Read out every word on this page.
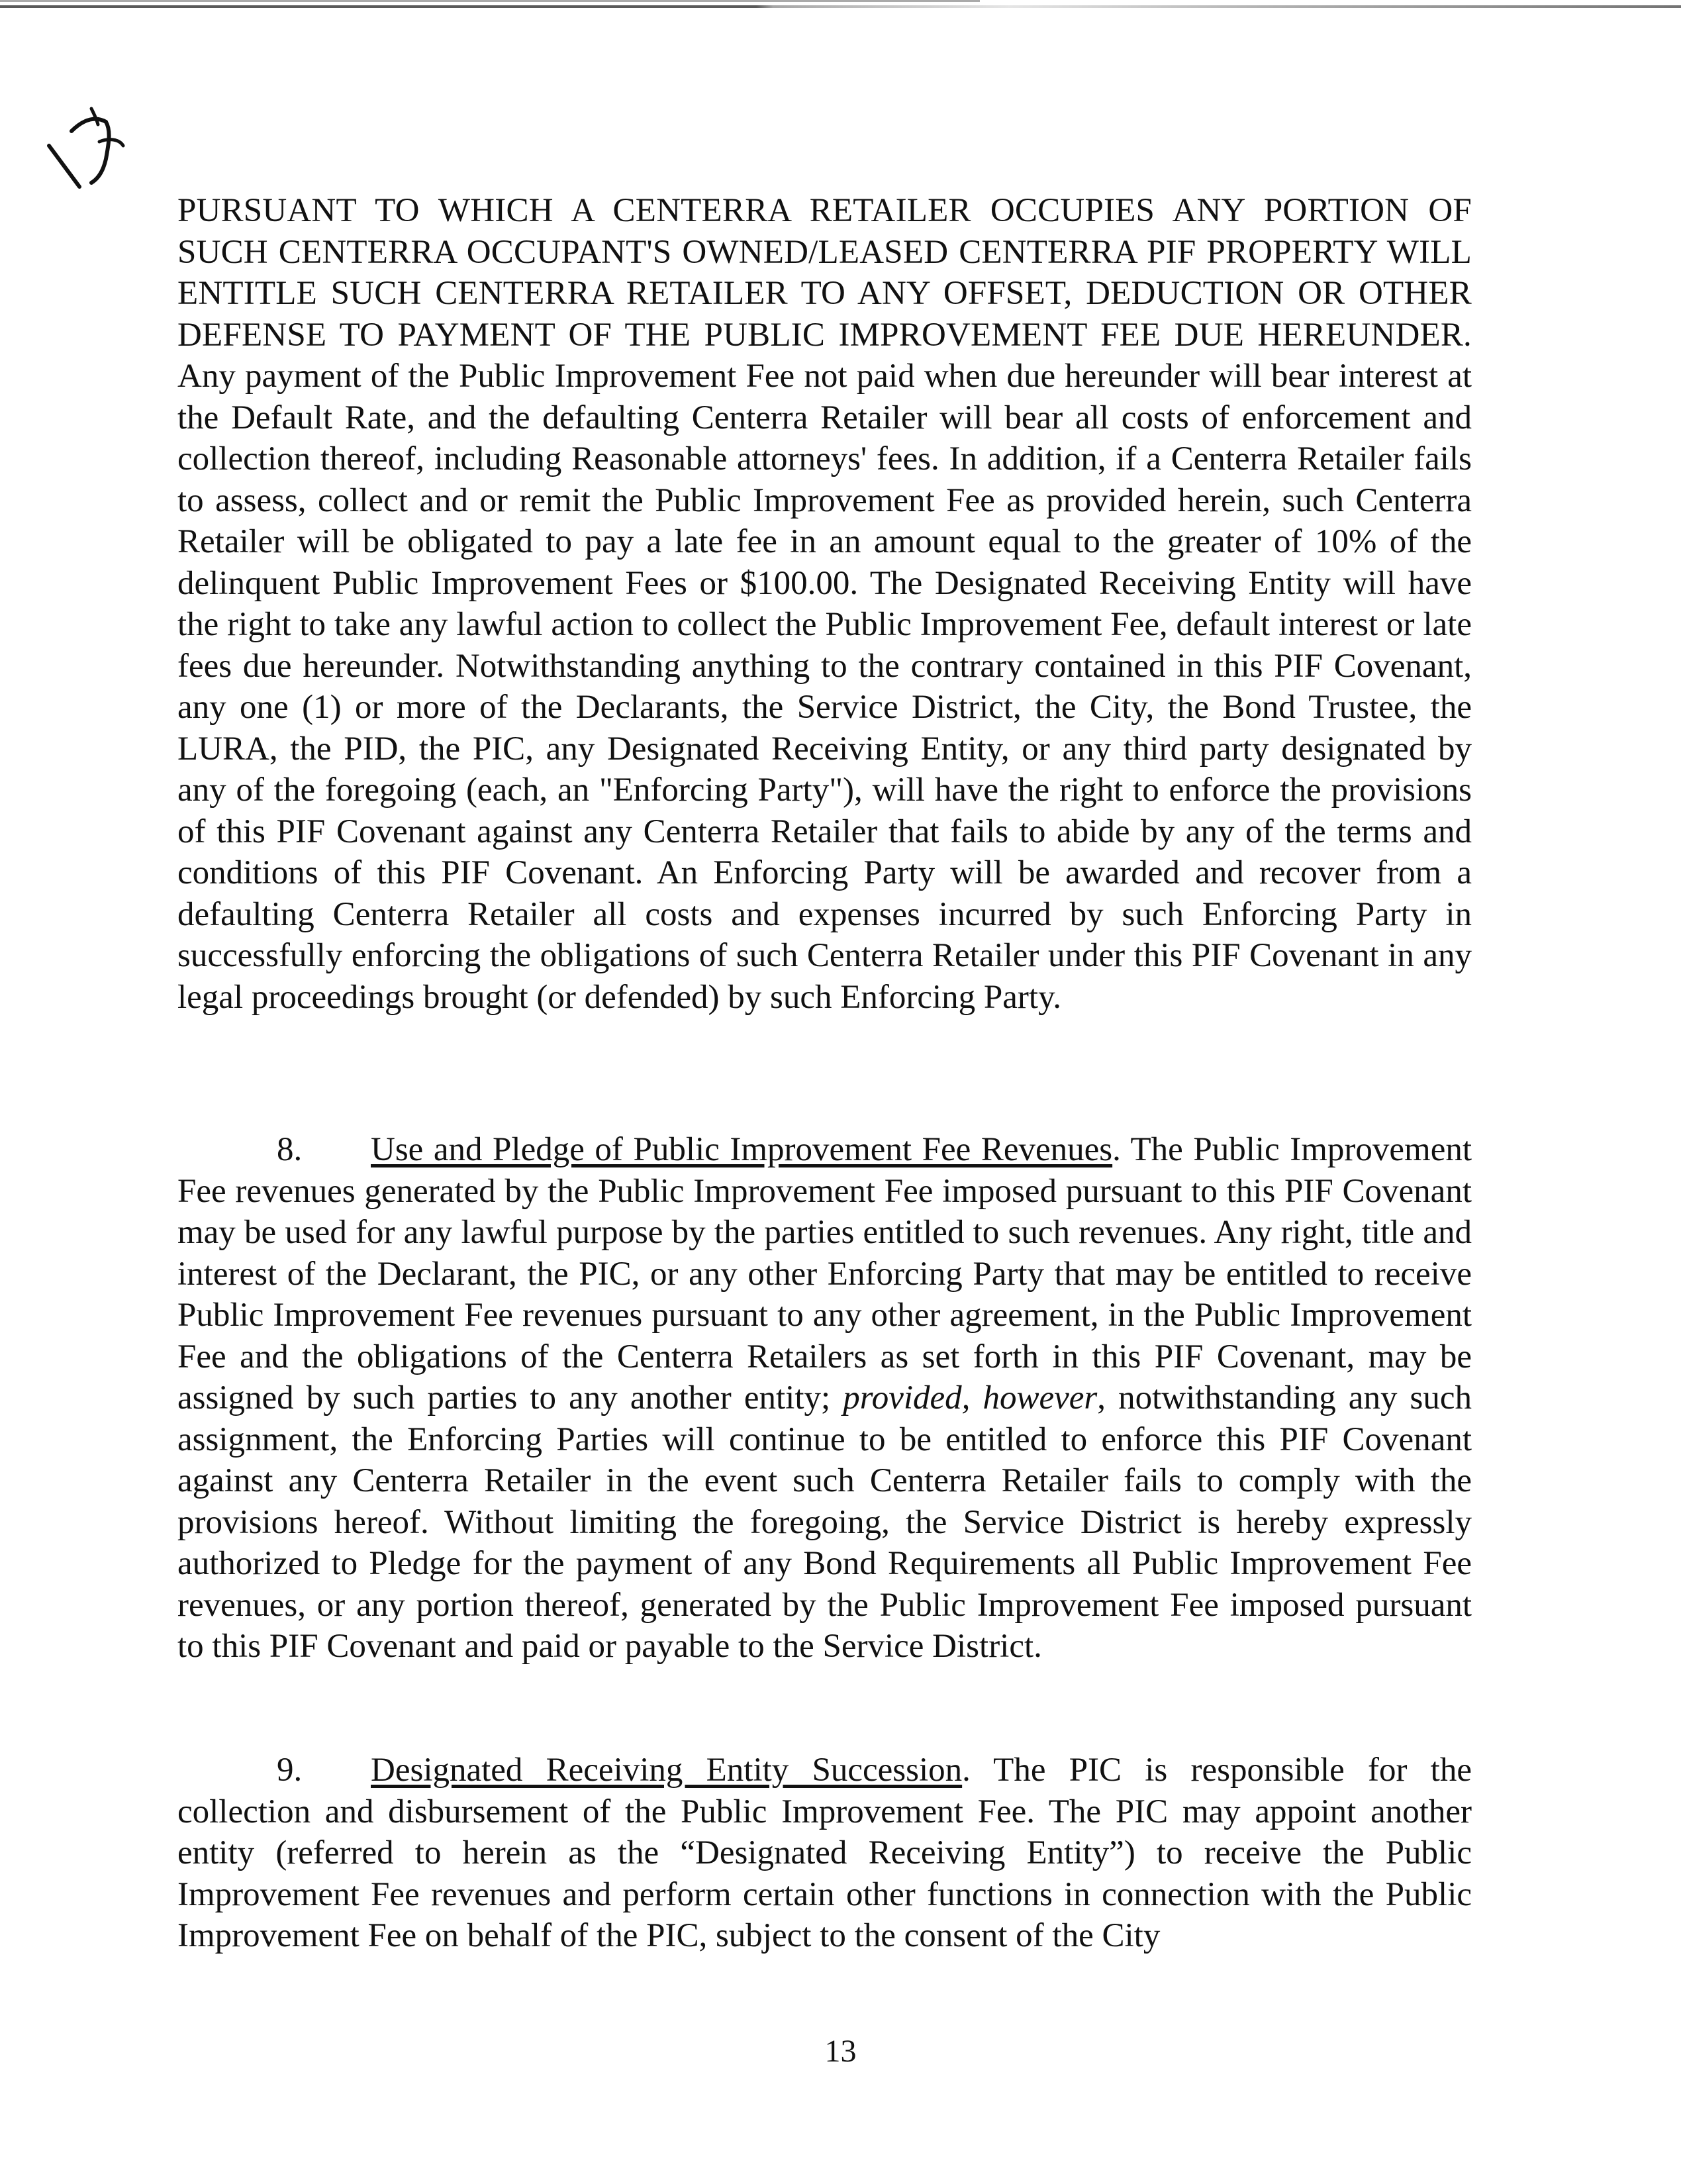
PURSUANT TO WHICH A CENTERRA RETAILER OCCUPIES ANY PORTION OF SUCH CENTERRA OCCUPANT'S OWNED/LEASED CENTERRA PIF PROPERTY WILL ENTITLE SUCH CENTERRA RETAILER TO ANY OFFSET, DEDUCTION OR OTHER DEFENSE TO PAYMENT OF THE PUBLIC IMPROVEMENT FEE DUE HEREUNDER. Any payment of the Public Improvement Fee not paid when due hereunder will bear interest at the Default Rate, and the defaulting Centerra Retailer will bear all costs of enforcement and collection thereof, including Reasonable attorneys' fees. In addition, if a Centerra Retailer fails to assess, collect and or remit the Public Improvement Fee as provided herein, such Centerra Retailer will be obligated to pay a late fee in an amount equal to the greater of 10% of the delinquent Public Improvement Fees or $100.00. The Designated Receiving Entity will have the right to take any lawful action to collect the Public Improvement Fee, default interest or late fees due hereunder. Notwithstanding anything to the contrary contained in this PIF Covenant, any one (1) or more of the Declarants, the Service District, the City, the Bond Trustee, the LURA, the PID, the PIC, any Designated Receiving Entity, or any third party designated by any of the foregoing (each, an "Enforcing Party"), will have the right to enforce the provisions of this PIF Covenant against any Centerra Retailer that fails to abide by any of the terms and conditions of this PIF Covenant. An Enforcing Party will be awarded and recover from a defaulting Centerra Retailer all costs and expenses incurred by such Enforcing Party in successfully enforcing the obligations of such Centerra Retailer under this PIF Covenant in any legal proceedings brought (or defended) by such Enforcing Party.

8. Use and Pledge of Public Improvement Fee Revenues. The Public Improvement Fee revenues generated by the Public Improvement Fee imposed pursuant to this PIF Covenant may be used for any lawful purpose by the parties entitled to such revenues. Any right, title and interest of the Declarant, the PIC, or any other Enforcing Party that may be entitled to receive Public Improvement Fee revenues pursuant to any other agreement, in the Public Improvement Fee and the obligations of the Centerra Retailers as set forth in this PIF Covenant, may be assigned by such parties to any another entity; provided, however, notwithstanding any such assignment, the Enforcing Parties will continue to be entitled to enforce this PIF Covenant against any Centerra Retailer in the event such Centerra Retailer fails to comply with the provisions hereof. Without limiting the foregoing, the Service District is hereby expressly authorized to Pledge for the payment of any Bond Requirements all Public Improvement Fee revenues, or any portion thereof, generated by the Public Improvement Fee imposed pursuant to this PIF Covenant and paid or payable to the Service District.

9. Designated Receiving Entity Succession. The PIC is responsible for the collection and disbursement of the Public Improvement Fee. The PIC may appoint another entity (referred to herein as the “Designated Receiving Entity”) to receive the Public Improvement Fee revenues and perform certain other functions in connection with the Public Improvement Fee on behalf of the PIC, subject to the consent of the City

13
